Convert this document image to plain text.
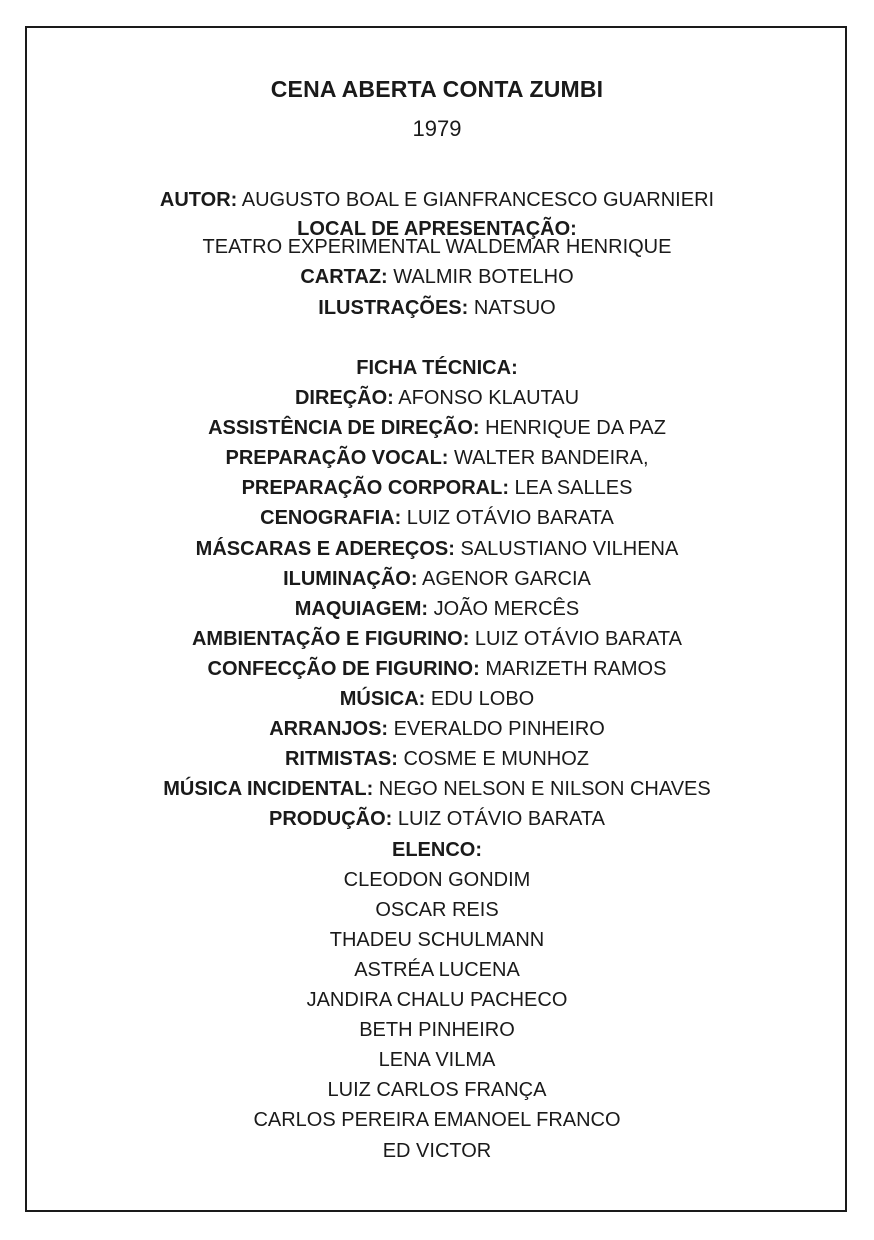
CENA ABERTA CONTA ZUMBI
1979
AUTOR: AUGUSTO BOAL E GIANFRANCESCO GUARNIERI
LOCAL DE APRESENTAÇÃO:
TEATRO EXPERIMENTAL WALDEMAR HENRIQUE
CARTAZ: WALMIR BOTELHO
ILUSTRAÇÕES: NATSUO
FICHA TÉCNICA:
DIREÇÃO: AFONSO KLAUTAU
ASSISTÊNCIA DE DIREÇÃO: HENRIQUE DA PAZ
PREPARAÇÃO VOCAL: WALTER BANDEIRA,
PREPARAÇÃO CORPORAL: LEA SALLES
CENOGRAFIA: LUIZ OTÁVIO BARATA
MÁSCARAS E ADEREÇOS: SALUSTIANO VILHENA
ILUMINAÇÃO: AGENOR GARCIA
MAQUIAGEM: JOÃO MERCÊS
AMBIENTAÇÃO E FIGURINO: LUIZ OTÁVIO BARATA
CONFECÇÃO DE FIGURINO: MARIZETH RAMOS
MÚSICA: EDU LOBO
ARRANJOS: EVERALDO PINHEIRO
RITMISTAS: COSME E MUNHOZ
MÚSICA INCIDENTAL: NEGO NELSON E NILSON CHAVES
PRODUÇÃO: LUIZ OTÁVIO BARATA
ELENCO:
CLEODON GONDIM
OSCAR REIS
THADEU SCHULMANN
ASTRÉA LUCENA
JANDIRA CHALU PACHECO
BETH PINHEIRO
LENA VILMA
LUIZ CARLOS FRANÇA
CARLOS PEREIRA EMANOEL FRANCO
ED VICTOR
